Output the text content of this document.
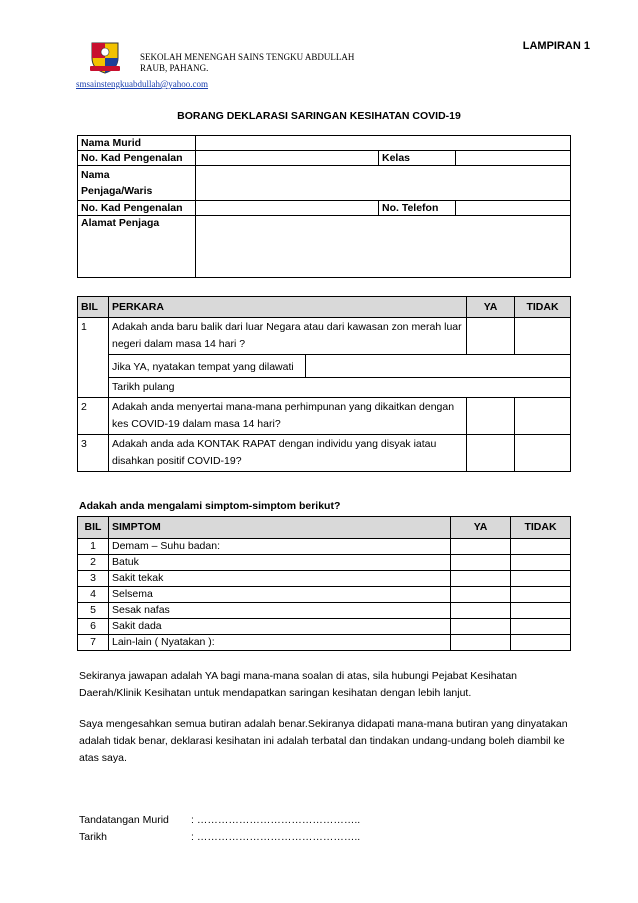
LAMPIRAN 1
SEKOLAH MENENGAH SAINS TENGKU ABDULLAH
RAUB, PAHANG.
smsainstengkuabdullah@yahoo.com
BORANG DEKLARASI SARINGAN KESIHATAN COVID-19
Nama Murid			
No. Kad Pengenalan		Kelas	

Nama
Penjaga/Waris			

No. Kad Pengenalan		No. Telefon	
Alamat Penjaga			
BIL	PERKARA		YA	TIDAK
1	Adakah anda baru balik dari luar Negara atau dari kawasan zon merah luar negeri dalam masa 14 hari ?			
	Jika YA, nyatakan tempat yang dilawati			
	Tarikh pulang			
2	Adakah anda menyertai mana-mana perhimpunan yang dikaitkan dengan kes COVID-19 dalam masa 14 hari?			
3	Adakah anda ada KONTAK RAPAT dengan individu yang disyak iatau disahkan positif COVID-19?			
Adakah anda mengalami simptom-simptom berikut?
BIL	SIMPTOM	YA	TIDAK
1	Demam – Suhu badan:		
2	Batuk		
3	Sakit tekak		
4	Selsema		
5	Sesak nafas		
6	Sakit dada		
7	Lain-lain ( Nyatakan ):		
Sekiranya jawapan adalah YA bagi mana-mana soalan di atas, sila hubungi Pejabat Kesihatan Daerah/Klinik Kesihatan untuk mendapatkan saringan kesihatan dengan lebih lanjut.
Saya mengesahkan semua butiran adalah benar.Sekiranya didapati mana-mana butiran yang dinyatakan adalah tidak benar, deklarasi kesihatan ini adalah terbatal dan tindakan undang-undang boleh diambil ke atas saya.
Tandatangan Murid : ………………………………………..
Tarikh	: ………………………………………..
